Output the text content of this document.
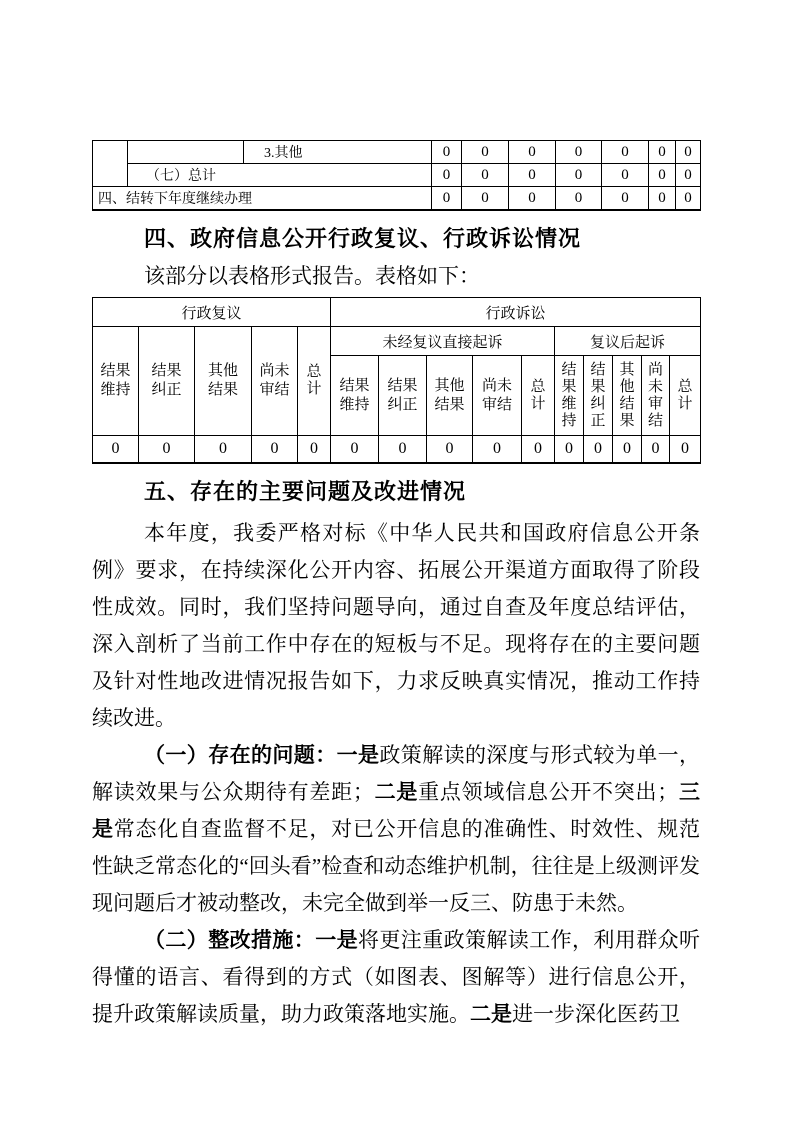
		3.其他	0	0	0	0	0	0	0
	（七）总计		0	0	0	0	0	0	0
四、结转下年度继续办理			0	0	0	0	0	0	0
四、政府信息公开行政复议、行政诉讼情况

该部分以表格形式报告。表格如下：

行政复议					行政诉讼									
结果维持	结果纠正	其他结果	尚未审结	总计	未经复议直接起诉					复议后起诉				
					结果维持	结果纠正	其他结果	尚未审结	总计	结果维持	结果纠正	其他结果	尚未审结	总计
0	0	0	0	0	0	0	0	0	0	0	0	0	0	0
五、存在的主要问题及改进情况

本年度，我委严格对标《中华人民共和国政府信息公开条例》要求，在持续深化公开内容、拓展公开渠道方面取得了阶段性成效。同时，我们坚持问题导向，通过自查及年度总结评估，深入剖析了当前工作中存在的短板与不足。现将存在的主要问题及针对性地改进情况报告如下，力求反映真实情况，推动工作持续改进。

（一）存在的问题：一是政策解读的深度与形式较为单一，解读效果与公众期待有差距；二是重点领域信息公开不突出；三是常态化自查监督不足，对已公开信息的准确性、时效性、规范性缺乏常态化的“回头看”检查和动态维护机制，往往是上级测评发现问题后才被动整改，未完全做到举一反三、防患于未然。

（二）整改措施：一是将更注重政策解读工作，利用群众听得懂的语言、看得到的方式（如图表、图解等）进行信息公开，提升政策解读质量，助力政策落地实施。二是进一步深化医药卫
